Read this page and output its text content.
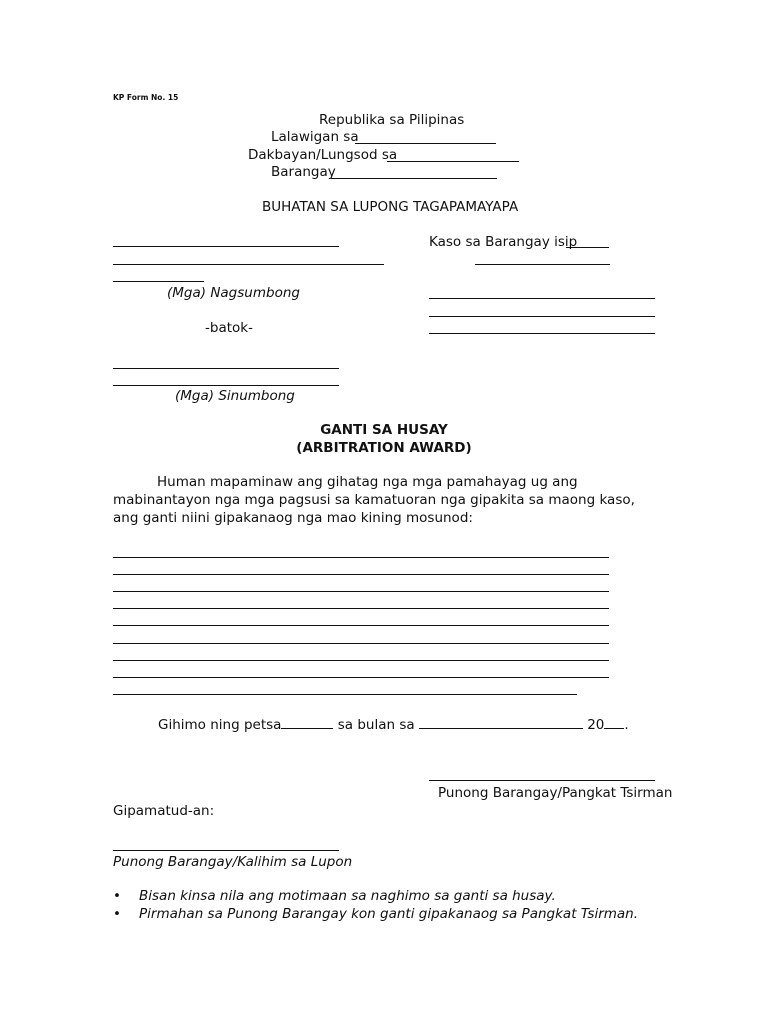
KP Form No. 15
Republika sa Pilipinas
Lalawigan sa
Dakbayan/Lungsod sa
Barangay
BUHATAN SA LUPONG TAGAPAMAYAPA
(Mga) Nagsumbong
Kaso sa Barangay isip
-batok-
(Mga) Sinumbong
GANTI SA HUSAY
(ARBITRATION AWARD)
Human mapaminaw ang gihatag nga mga pamahayag ug ang mabinantayon nga mga pagsusi sa kamatuoran nga gipakita sa maong kaso, ang ganti niini gipakanaog nga mao kining mosunod:
Gihimo ning petsa	sa bulan sa	20 .
Punong Barangay/Pangkat Tsirman
Gipamatud-an:
Punong Barangay/Kalihim sa Lupon
• Bisan kinsa nila ang motimaan sa naghimo sa ganti sa husay.
• Pirmahan sa Punong Barangay kon ganti gipakanaog sa Pangkat Tsirman.
